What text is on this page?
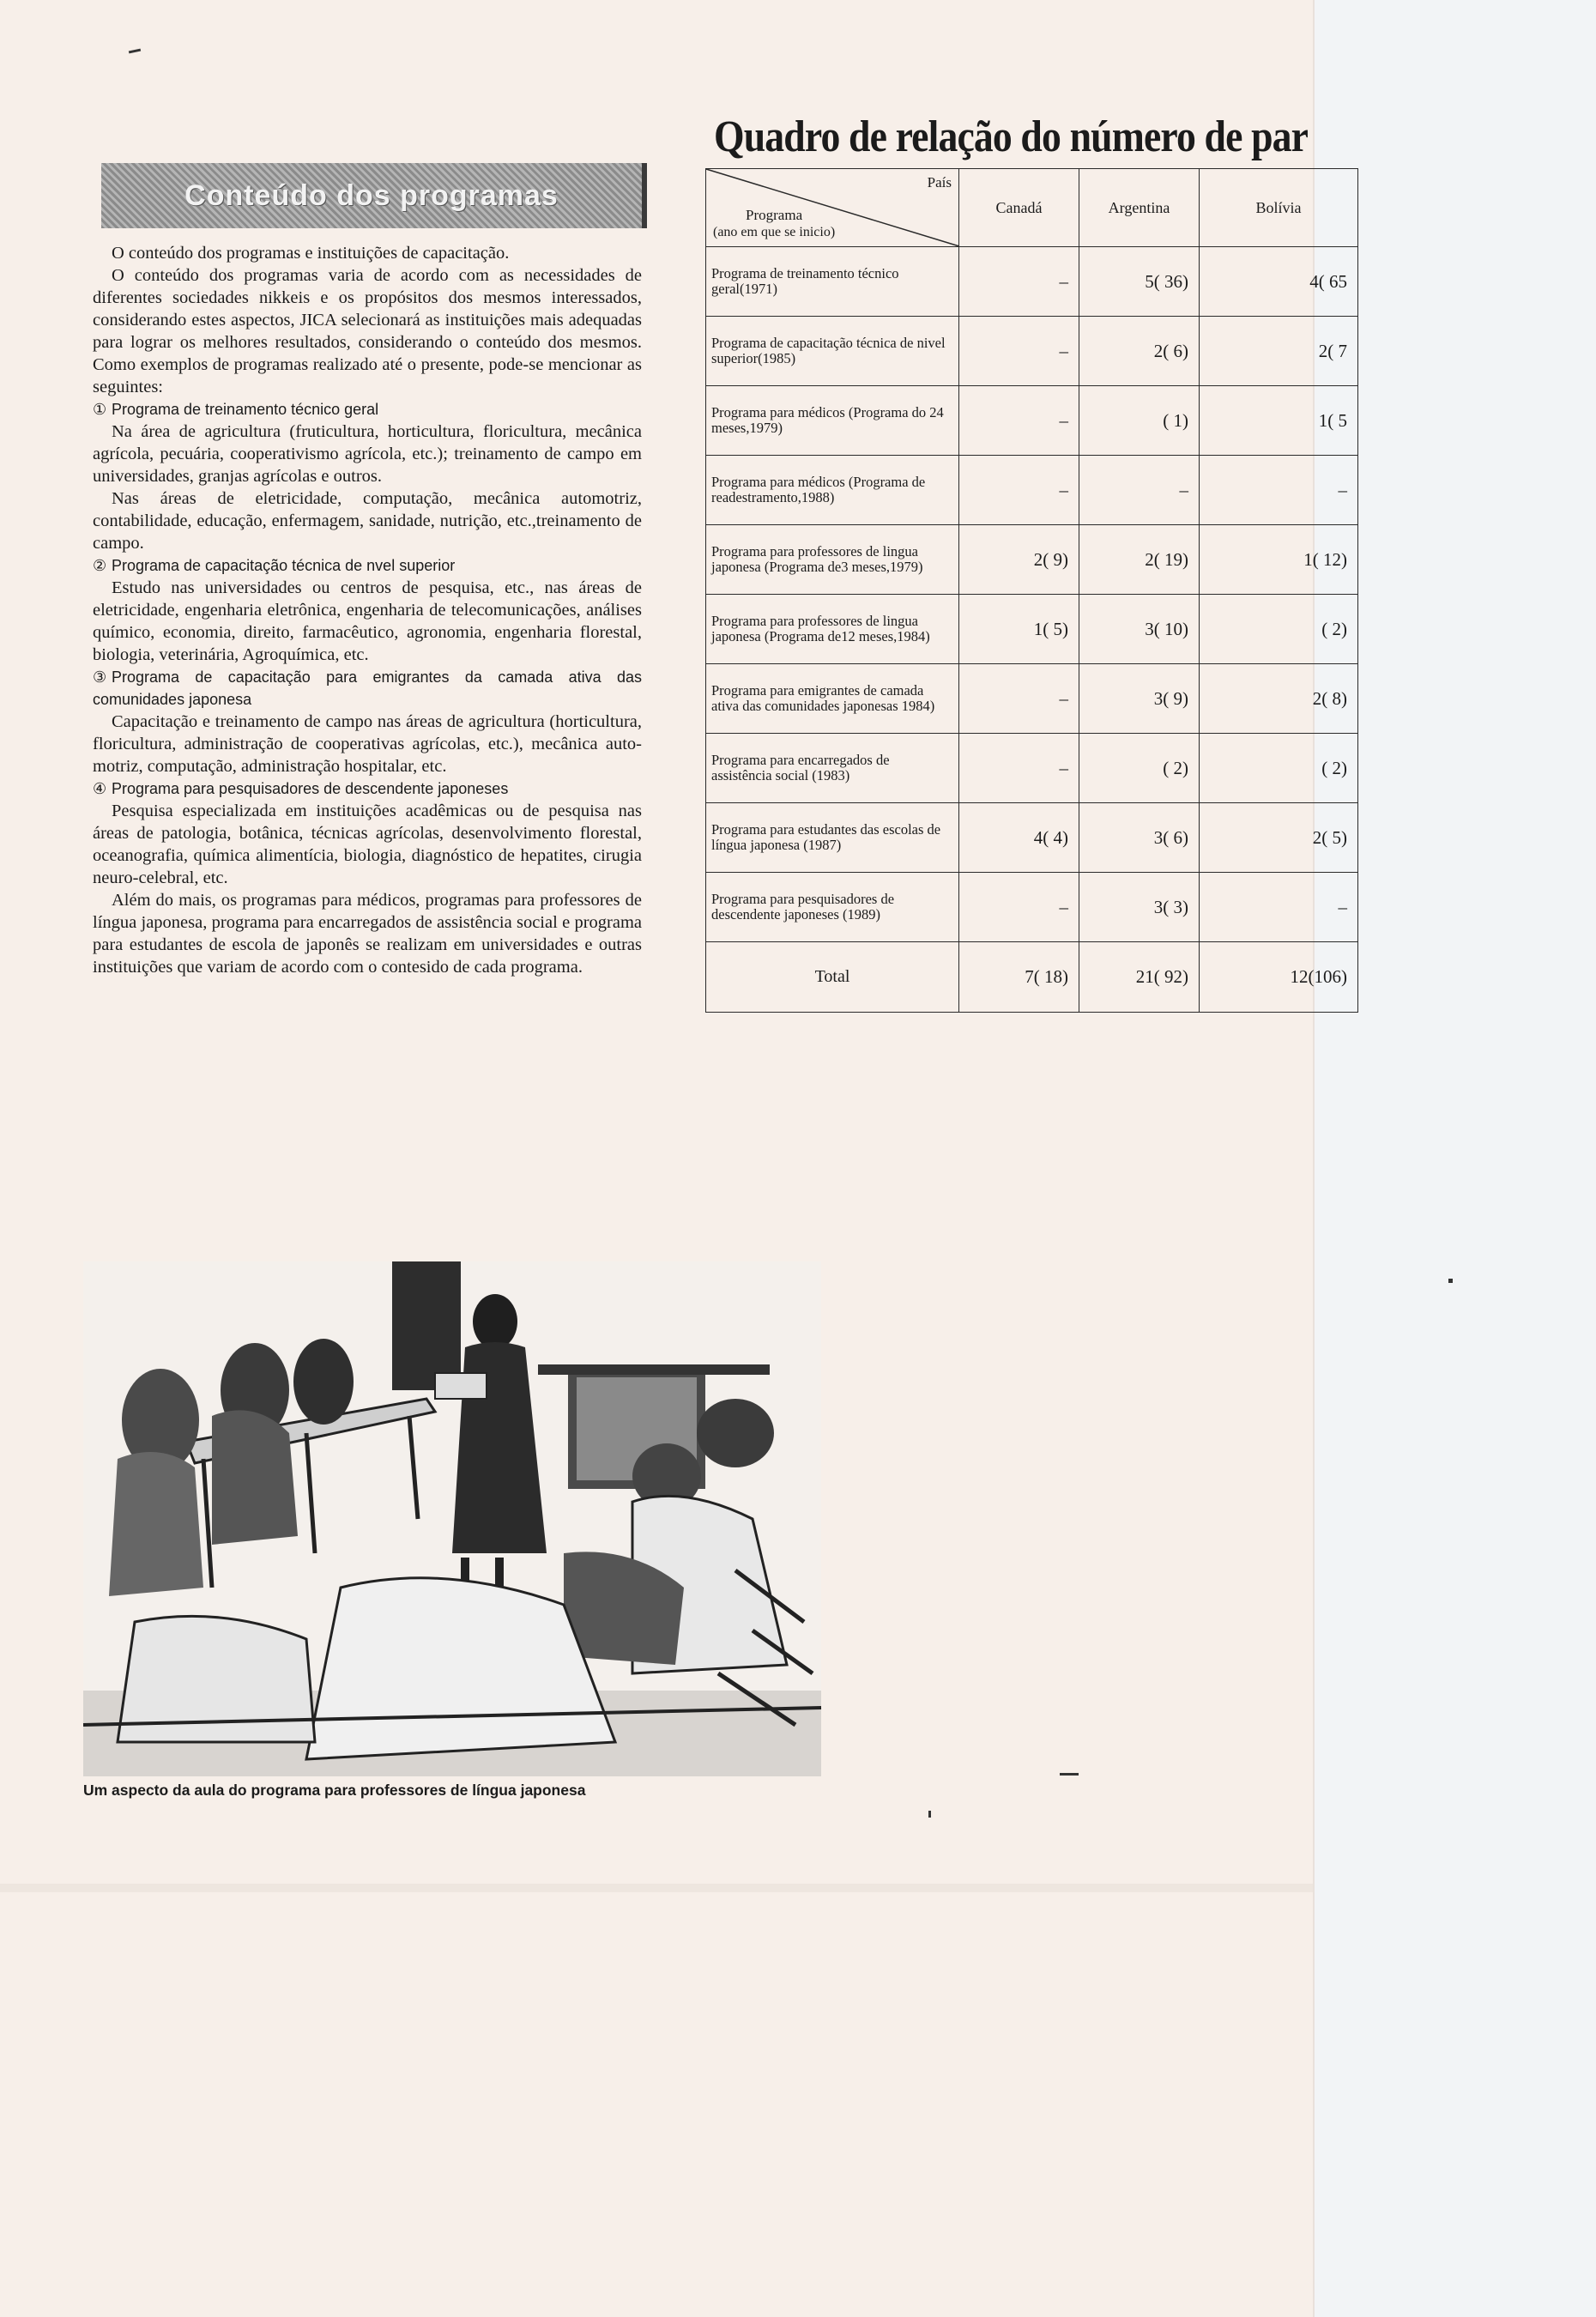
Conteúdo dos programas

O conteúdo dos programas e instituições de capacitação.

O conteúdo dos programas varia de acordo com as necessidades de diferentes sociedades nikkeis e os propósitos dos mesmos interessados, considerando estes aspectos, JICA selecionará as instituições mais adequadas para lograr os melhores resultados, considerando o conteúdo dos mesmos. Como exemplos de programas realizado até o presente, pode-se mencionar as seguintes:

① Programa de treinamento técnico geral

Na área de agricultura (fruticultura, horticultura, floricultura, mecânica agrícola, pecuária, cooperativismo agrícola, etc.); treinamento de campo em universidades, granjas agrícolas e outros.

Nas áreas de eletricidade, computação, mecânica automotriz, contabilidade, educação, enfermagem, sanidade, nutrição, etc.,treinamento de campo.

② Programa de capacitação técnica de nvel superior

Estudo nas universidades ou centros de pesquisa, etc., nas áreas de eletricidade, engenharia eletrônica, engenharia de telecomunicações, análises químico, economia, direito, farmacêutico, agronomia, engenharia florestal, biologia, veterinária, Agroquímica, etc.

③ Programa de capacitação para emigrantes da camada ativa das comunidades japonesa

Capacitação e treinamento de campo nas áreas de agricultura (horticultura, floricultura, administração de cooperativas agrícolas, etc.), mecânica auto-motriz, computação, administração hospitalar, etc.

④ Programa para pesquisadores de descendente japoneses

Pesquisa especializada em instituições acadêmicas ou de pesquisa nas áreas de patologia, botânica, técnicas agrícolas, desenvolvimento florestal, oceanografia, química alimentícia, biologia, diagnóstico de hepatites, cirugia neuro-celebral, etc.

Além do mais, os programas para médicos, programas para professores de língua japonesa, programa para encarregados de assistência social e programa para estudantes de escola de japonês se realizam em universidades e outras instituições que variam de acordo com o contesido de cada programa.

Quadro de relação do número de par
País
Programa
(ano em que se inicio)	Canadá	Argentina	Bolívia
Programa de treinamento técnico geral(1971)	–	5( 36)	4( 65
Programa de capacitação técnica de nivel superior(1985)	–	2( 6)	2( 7
Programa para médicos (Programa do 24 meses,1979)	–	( 1)	1( 5
Programa para médicos (Programa de readestramento,1988)	–	–	–
Programa para professores de lingua japonesa (Programa de3 meses,1979)	2( 9)	2( 19)	1( 12)
Programa para professores de lingua japonesa (Programa de12 meses,1984)	1( 5)	3( 10)	( 2)
Programa para emigrantes de camada ativa das comunidades japonesas 1984)	–	3( 9)	2( 8)
Programa para encarregados de assistência social (1983)	–	( 2)	( 2)
Programa para estudantes das escolas de língua japonesa (1987)	4( 4)	3( 6)	2( 5)
Programa para pesquisadores de descendente japoneses (1989)	–	3( 3)	–
Total	7( 18)	21( 92)	12(106)
Um aspecto da aula do programa para professores de língua japonesa
